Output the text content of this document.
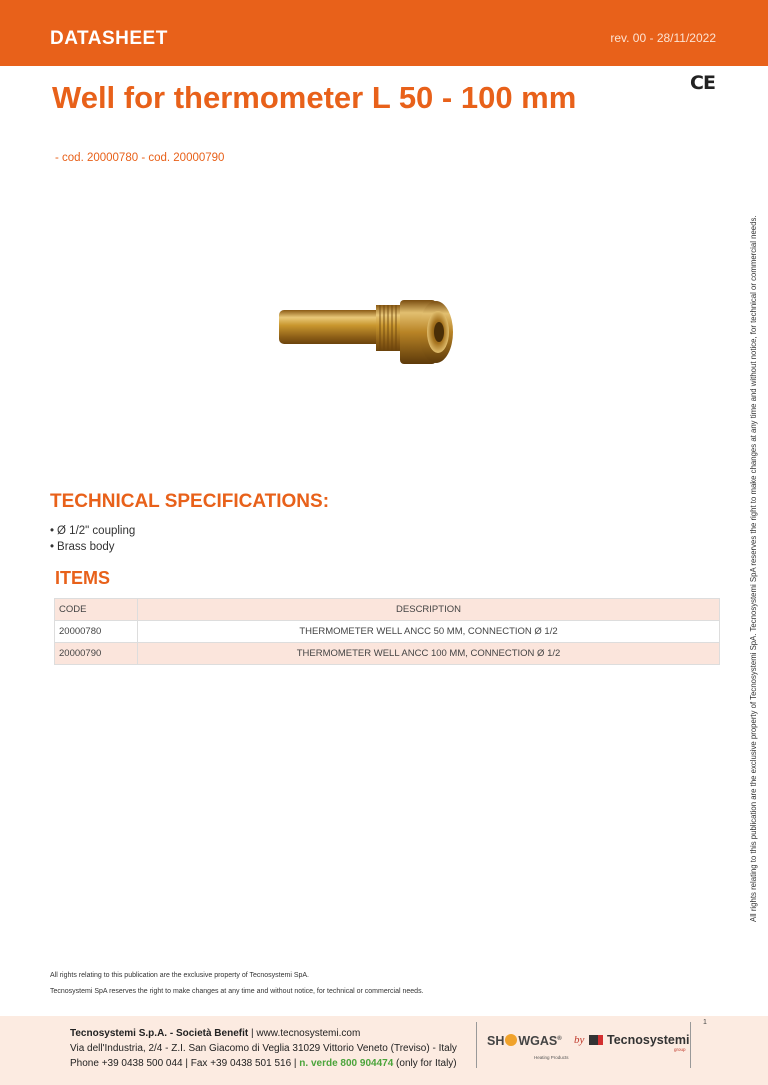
DATASHEET	rev. 00 - 28/11/2022
Well for thermometer L 50 - 100 mm	CE
- cod. 20000780 - cod. 20000790
TECHNICAL SPECIFICATIONS:
• Ø 1/2" coupling
• Brass body
ITEMS
CODE	DESCRIPTION
20000780	THERMOMETER WELL ANCC 50 MM, CONNECTION Ø 1/2
20000790	THERMOMETER WELL ANCC 100 MM, CONNECTION Ø 1/2	All rights relating to this publication are the exclusive property of Tecnosystemi SpA. Tecnosystemi SpA reserves the right to make changes at any time and without notice, for technical or commercial needs.
All rights relating to this publication are the exclusive property of Tecnosystemi SpA.
Tecnosystemi SpA reserves the right to make changes at any time and without notice, for technical or commercial needs.
Tecnosystemi S.p.A. - Società Benefit | www.tecnosystemi.com
Via dell'Industria, 2/4 - Z.I. San Giacomo di Veglia 31029 Vittorio Veneto (Treviso) - Italy
Phone +39 0438 500 044 | Fax +39 0438 501 516 | n. verde 800 904474 (only for Italy)
1
SH WGAS®
Heating Products
by	Tecnosystemi
group
